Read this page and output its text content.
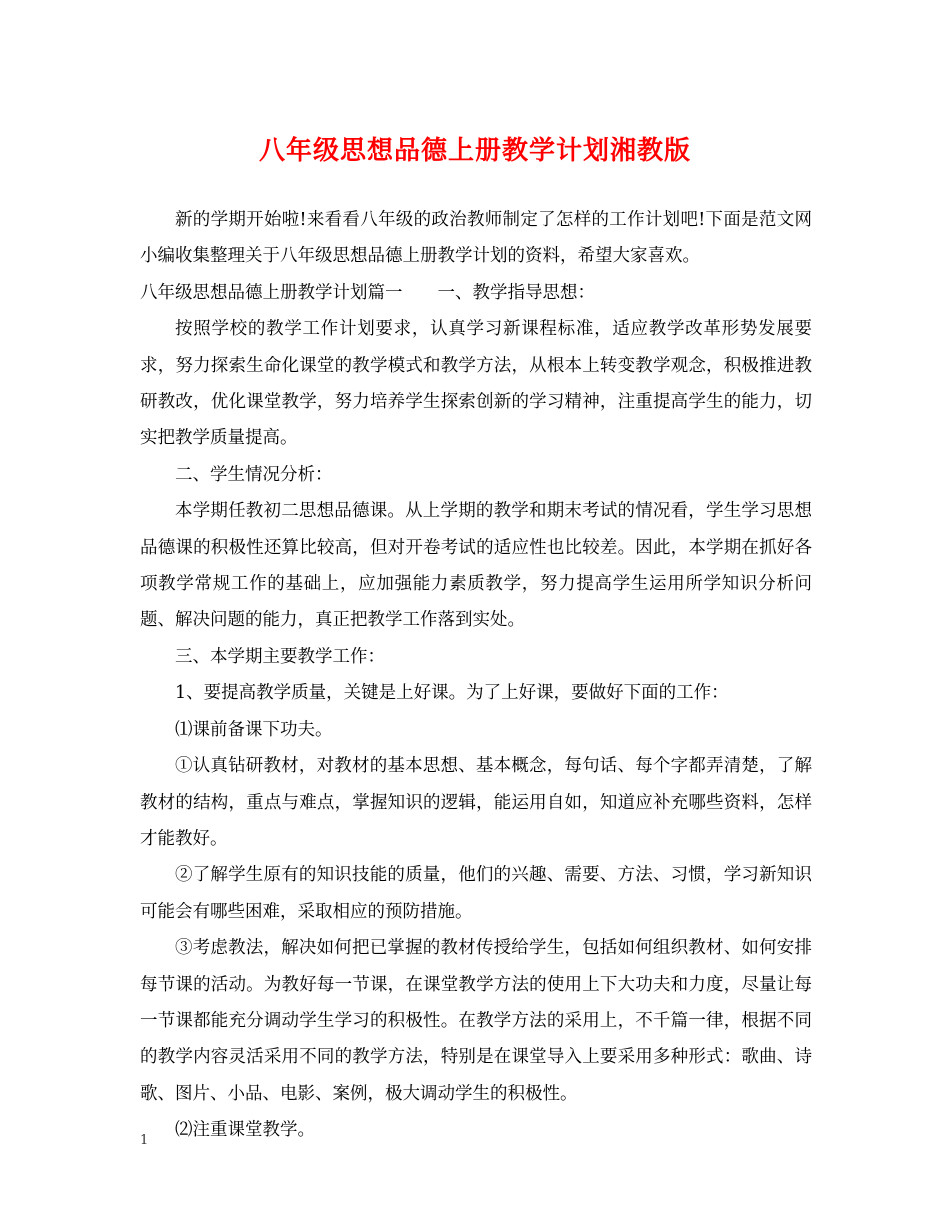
八年级思想品德上册教学计划湘教版

新的学期开始啦!来看看八年级的政治教师制定了怎样的工作计划吧!下面是范文网小编收集整理关于八年级思想品德上册教学计划的资料，希望大家喜欢。

八年级思想品德上册教学计划篇一　　一、教学指导思想：

按照学校的教学工作计划要求，认真学习新课程标准，适应教学改革形势发展要求，努力探索生命化课堂的教学模式和教学方法，从根本上转变教学观念，积极推进教研教改，优化课堂教学，努力培养学生探索创新的学习精神，注重提高学生的能力，切实把教学质量提高。

二、学生情况分析：

本学期任教初二思想品德课。从上学期的教学和期末考试的情况看，学生学习思想品德课的积极性还算比较高，但对开卷考试的适应性也比较差。因此，本学期在抓好各项教学常规工作的基础上，应加强能力素质教学，努力提高学生运用所学知识分析问题、解决问题的能力，真正把教学工作落到实处。

三、本学期主要教学工作：

1、要提高教学质量，关键是上好课。为了上好课，要做好下面的工作：

⑴课前备课下功夫。

①认真钻研教材，对教材的基本思想、基本概念，每句话、每个字都弄清楚，了解教材的结构，重点与难点，掌握知识的逻辑，能运用自如，知道应补充哪些资料，怎样才能教好。

②了解学生原有的知识技能的质量，他们的兴趣、需要、方法、习惯，学习新知识可能会有哪些困难，采取相应的预防措施。

③考虑教法，解决如何把已掌握的教材传授给学生，包括如何组织教材、如何安排每节课的活动。为教好每一节课，在课堂教学方法的使用上下大功夫和力度，尽量让每一节课都能充分调动学生学习的积极性。在教学方法的采用上，不千篇一律，根据不同的教学内容灵活采用不同的教学方法，特别是在课堂导入上要采用多种形式：歌曲、诗歌、图片、小品、电影、案例，极大调动学生的积极性。

⑵注重课堂教学。

1
